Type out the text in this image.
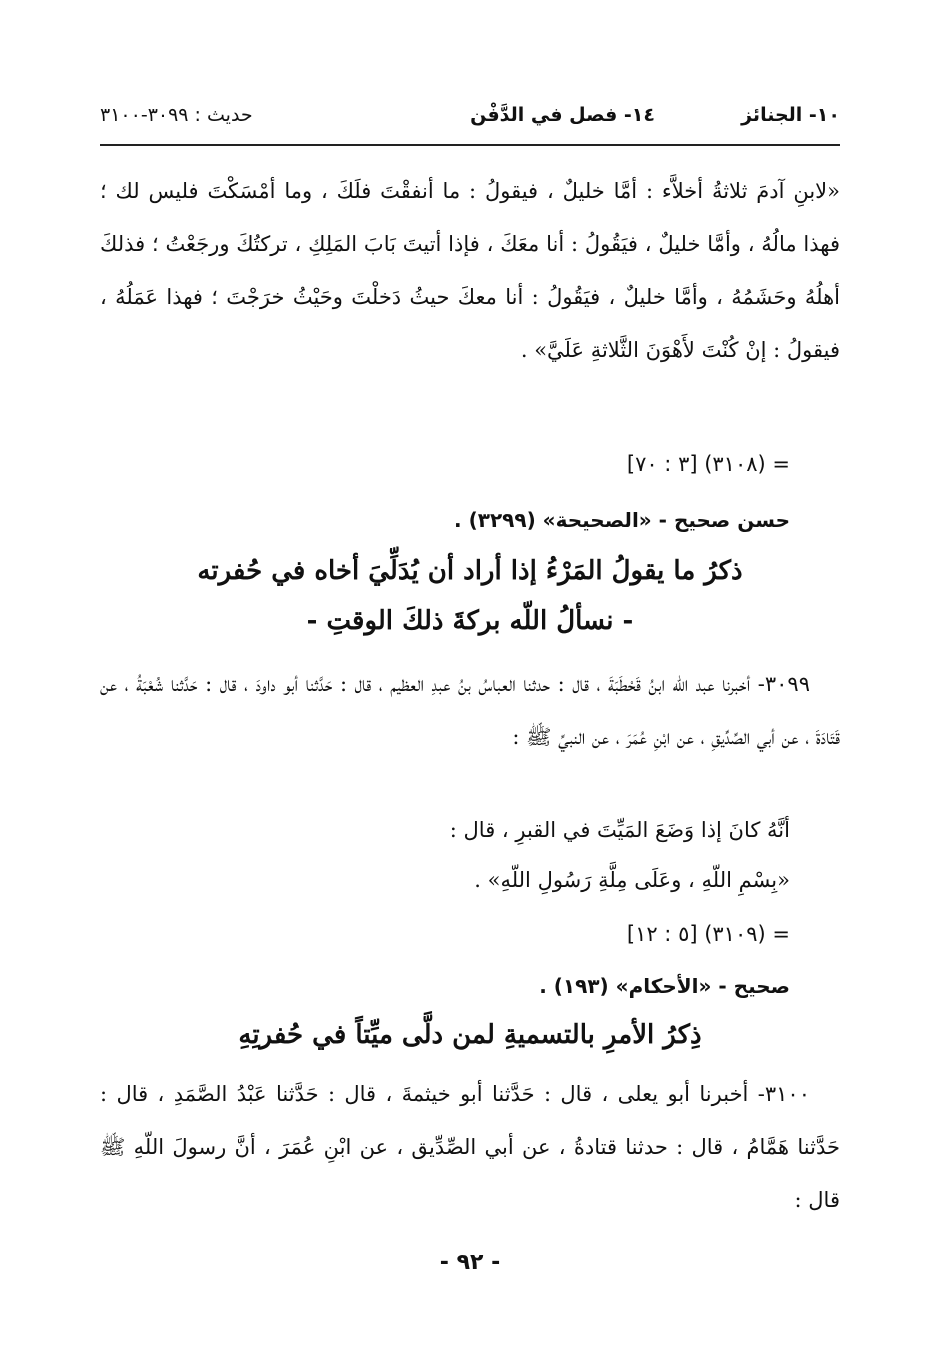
١٠- الجنائز
١٤- فصل في الدَّفْن
حديث : ٣٠٩٩-٣١٠٠

«لابنِ آدمَ ثلاثةُ أخلاَّء : أمَّا خليلٌ ، فيقولُ : ما أنفقْتَ فلَكَ ، وما أمْسَكْتَ فليس لك ؛ فهذا مالُهُ ، وأمَّا خليلٌ ، فيَقُولُ : أنا معَكَ ، فإذا أتيتَ بَابَ المَلِكِ ، تركتُكَ ورجَعْتُ ؛ فذلكَ أهلُهُ وحَشَمُهُ ، وأمَّا خليلٌ ، فيَقُولُ : أنا معكَ حيثُ دَخلْتَ وحَيْثُ خرَجْتَ ؛ فهذا عَمَلُهُ ، فيقولُ : إنْ كُنْتَ لأَهْوَنَ الثَّلاثةِ عَلَيَّ» .

= (٣١٠٨) [٣ : ٧٠]
حسن صحيح - «الصحيحة» (٣٢٩٩) .
ذكرُ ما يقولُ المَرْءُ إذا أراد أن يُدَلِّيَ أخاه في حُفرته
- نسألُ اللّه بركةَ ذلكَ الوقتِ -

٣٠٩٩- أخبرنا عبد اللّه ابنُ قَحْطَبَةَ ، قال : حدثنا العباسُ بنُ عبدِ العظيم ، قال : حَدَّثنا أبو داودَ ، قال : حَدَّثنا شُعْبَةُ ، عن قَتَادَةَ ، عن أبي الصِّدِّيقِ ، عن ابْنِ عُمَرَ ، عن النبيِّ ﷺ :

أنَّهُ كانَ إذا وَضَعَ المَيِّتَ في القبرِ ، قال :
«بِسْمِ اللّهِ ، وعَلَى مِلَّةِ رَسُولِ اللّهِ» .
= (٣١٠٩) [٥ : ١٢]
صحيح - «الأحكام» (١٩٣) .
ذِكرُ الأمرِ بالتسميةِ لمن دلَّى ميِّتاً في حُفرتِهِ

٣١٠٠- أخبرنا أبو يعلى ، قال : حَدَّثنا أبو خيثمةَ ، قال : حَدَّثنا عَبْدُ الصَّمَدِ ، قال : حَدَّثنا هَمَّامُ ، قال : حدثنا قتادةُ ، عن أبي الصِّدِّيق ، عن ابْنِ عُمَرَ ، أنَّ رسولَ اللّهِ ﷺ قال :

- ٩٢ -
